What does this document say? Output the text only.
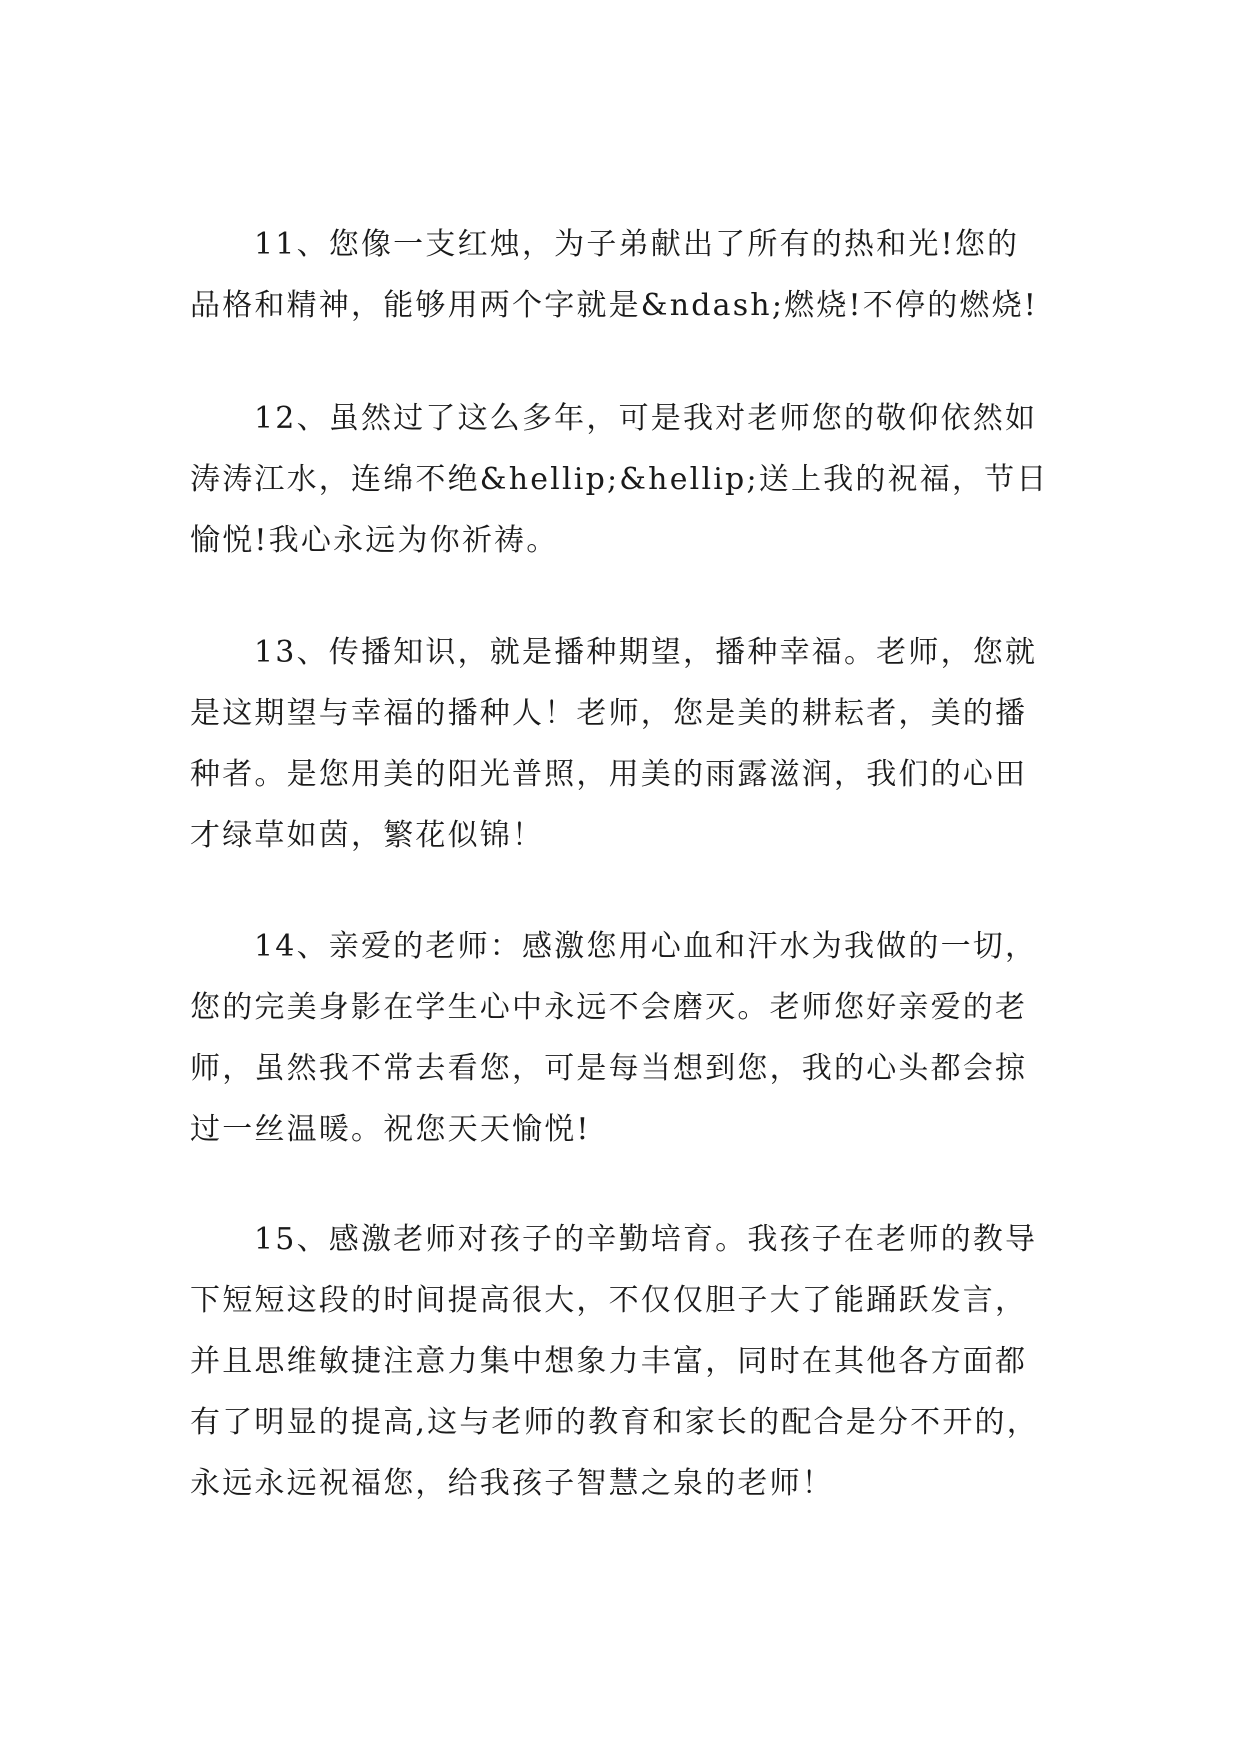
11、您像一支红烛，为子弟献出了所有的热和光!您的
品格和精神，能够用两个字就是&ndash;燃烧!不停的燃烧!
12、虽然过了这么多年，可是我对老师您的敬仰依然如
涛涛江水，连绵不绝&hellip;&hellip;送上我的祝福，节日
愉悦!我心永远为你祈祷。
13、传播知识，就是播种期望，播种幸福。老师，您就
是这期望与幸福的播种人！老师，您是美的耕耘者，美的播
种者。是您用美的阳光普照，用美的雨露滋润，我们的心田
才绿草如茵，繁花似锦！
14、亲爱的老师：感激您用心血和汗水为我做的一切，
您的完美身影在学生心中永远不会磨灭。老师您好亲爱的老
师，虽然我不常去看您，可是每当想到您，我的心头都会掠
过一丝温暖。祝您天天愉悦!
15、感激老师对孩子的辛勤培育。我孩子在老师的教导
下短短这段的时间提高很大，不仅仅胆子大了能踊跃发言，
并且思维敏捷注意力集中想象力丰富，同时在其他各方面都
有了明显的提高,这与老师的教育和家长的配合是分不开的，
永远永远祝福您，给我孩子智慧之泉的老师！
